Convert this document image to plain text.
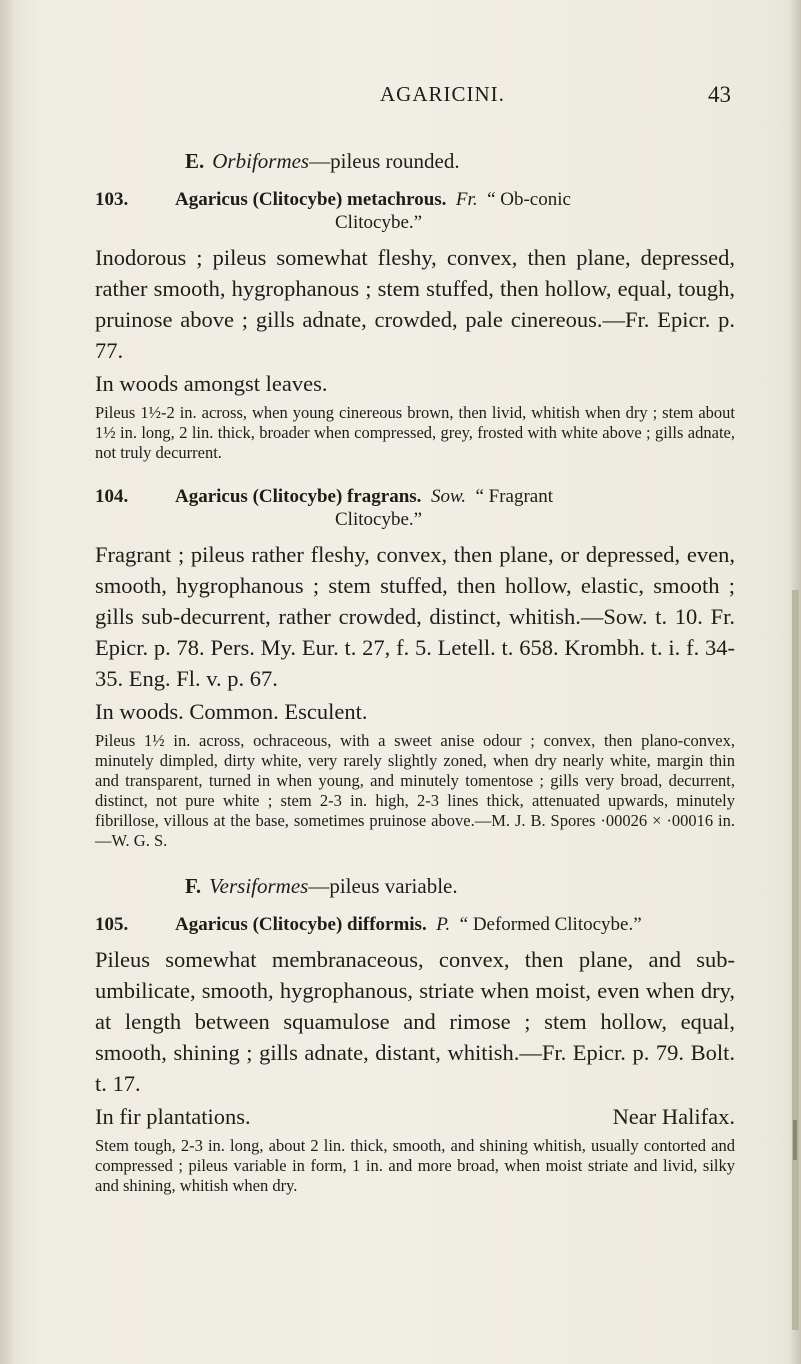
AGARICINI.	43
E. Orbiformes—pileus rounded.
103. Agaricus (Clitocybe) metachrous. Fr. “ Ob-conic
Clitocybe.”

Inodorous ; pileus somewhat fleshy, convex, then plane, depressed, rather smooth, hygrophanous ; stem stuffed, then hollow, equal, tough, pruinose above ; gills adnate, crowded, pale cinereous.—Fr. Epicr. p. 77.

In woods amongst leaves.

Pileus 1½-2 in. across, when young cinereous brown, then livid, whitish when dry ; stem about 1½ in. long, 2 lin. thick, broader when compressed, grey, frosted with white above ; gills adnate, not truly decurrent.

104. Agaricus (Clitocybe) fragrans. Sow. “ Fragrant
Clitocybe.”

Fragrant ; pileus rather fleshy, convex, then plane, or depressed, even, smooth, hygrophanous ; stem stuffed, then hollow, elastic, smooth ; gills sub-decurrent, rather crowded, distinct, whitish.—Sow. t. 10. Fr. Epicr. p. 78. Pers. My. Eur. t. 27, f. 5. Letell. t. 658. Krombh. t. i. f. 34-35. Eng. Fl. v. p. 67.

In woods. Common. Esculent.

Pileus 1½ in. across, ochraceous, with a sweet anise odour ; convex, then plano-convex, minutely dimpled, dirty white, very rarely slightly zoned, when dry nearly white, margin thin and transparent, turned in when young, and minutely tomentose ; gills very broad, decurrent, distinct, not pure white ; stem 2-3 in. high, 2-3 lines thick, attenuated upwards, minutely fibrillose, villous at the base, sometimes pruinose above.—M. J. B. Spores ·00026 × ·00016 in.—W. G. S.

F. Versiformes—pileus variable.
105. Agaricus (Clitocybe) difformis. P. “ Deformed Clitocybe.”

Pileus somewhat membranaceous, convex, then plane, and sub-umbilicate, smooth, hygrophanous, striate when moist, even when dry, at length between squamulose and rimose ; stem hollow, equal, smooth, shining ; gills adnate, distant, whitish.—Fr. Epicr. p. 79. Bolt. t. 17.

In fir plantations.	Near Halifax.

Stem tough, 2-3 in. long, about 2 lin. thick, smooth, and shining whitish, usually contorted and compressed ; pileus variable in form, 1 in. and more broad, when moist striate and livid, silky and shining, whitish when dry.
